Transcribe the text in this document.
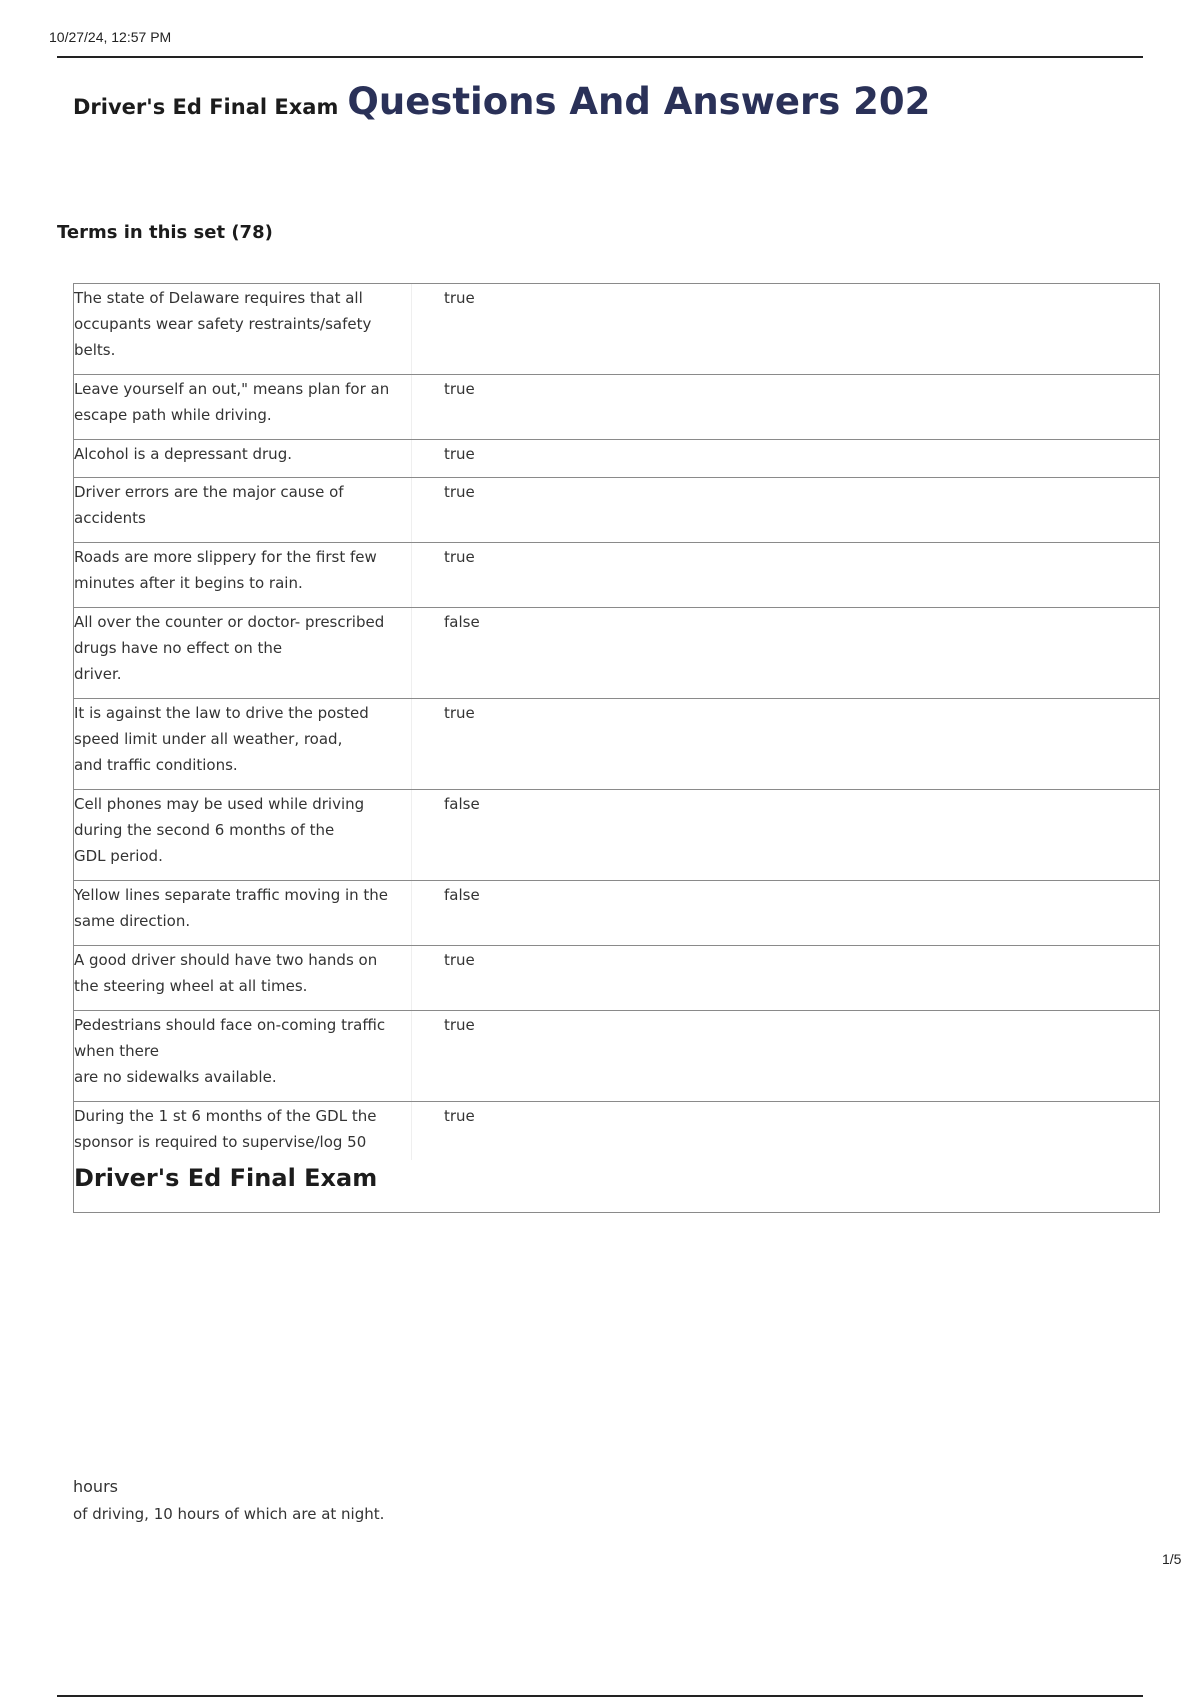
10/27/24, 12:57 PM
Driver's Ed Final Exam Questions And Answers 202
Terms in this set (78)
The state of Delaware requires that all
occupants wear safety restraints/safety
belts.
true
Leave yourself an out," means plan for an
escape path while driving.
true
Alcohol is a depressant drug.	true
Driver errors are the major cause of
accidents
true
Roads are more slippery for the first few
minutes after it begins to rain.
true
All over the counter or doctor- prescribed
drugs have no effect on the
driver.
false
It is against the law to drive the posted
speed limit under all weather, road,
and traffic conditions.
true
Cell phones may be used while driving
during the second 6 months of the
GDL period.
false
Yellow lines separate traffic moving in the
same direction.
false
A good driver should have two hands on
the steering wheel at all times.
true
Pedestrians should face on-coming traffic
when there
are no sidewalks available.
true
During the 1 st 6 months of the GDL the
sponsor is required to supervise/log 50
true
Driver's Ed Final Exam
hours
of driving, 10 hours of which are at night.
1/5
